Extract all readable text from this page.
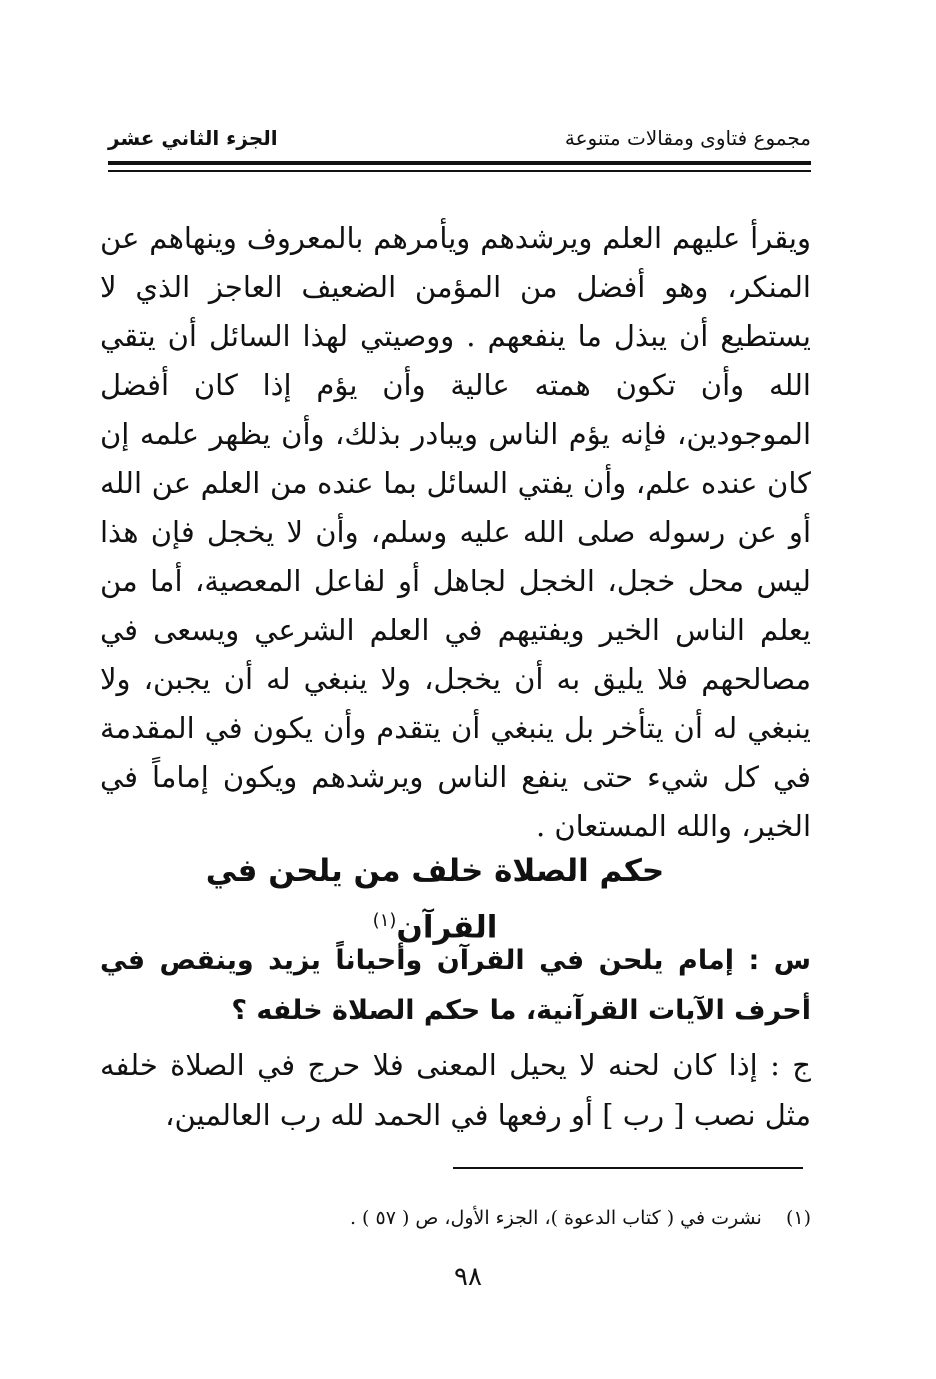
مجموع فتاوى ومقالات متنوعة
الجزء الثاني عشر

ويقرأ عليهم العلم ويرشدهم ويأمرهم بالمعروف وينهاهم عن المنكر، وهو أفضل من المؤمن الضعيف العاجز الذي لا يستطيع أن يبذل ما ينفعهم . ووصيتي لهذا السائل أن يتقي الله وأن تكون همته عالية وأن يؤم إذا كان أفضل الموجودين، فإنه يؤم الناس ويبادر بذلك، وأن يظهر علمه إن كان عنده علم، وأن يفتي السائل بما عنده من العلم عن الله أو عن رسوله صلى الله عليه وسلم، وأن لا يخجل فإن هذا ليس محل خجل، الخجل لجاهل أو لفاعل المعصية، أما من يعلم الناس الخير ويفتيهم في العلم الشرعي ويسعى في مصالحهم فلا يليق به أن يخجل، ولا ينبغي له أن يجبن، ولا ينبغي له أن يتأخر بل ينبغي أن يتقدم وأن يكون في المقدمة في كل شيء حتى ينفع الناس ويرشدهم ويكون إماماً في الخير، والله المستعان .

حكم الصلاة خلف من يلحن في القرآن$^{(١)}$

س : إمام يلحن في القرآن وأحياناً يزيد وينقص في أحرف الآيات القرآنية، ما حكم الصلاة خلفه ؟

ج : إذا كان لحنه لا يحيل المعنى فلا حرج في الصلاة خلفه مثل نصب [ رب ] أو رفعها في الحمد لله رب العالمين،

(١)    نشرت في ( كتاب الدعوة )، الجزء الأول، ص ( ٥٧ ) .
٩٨
